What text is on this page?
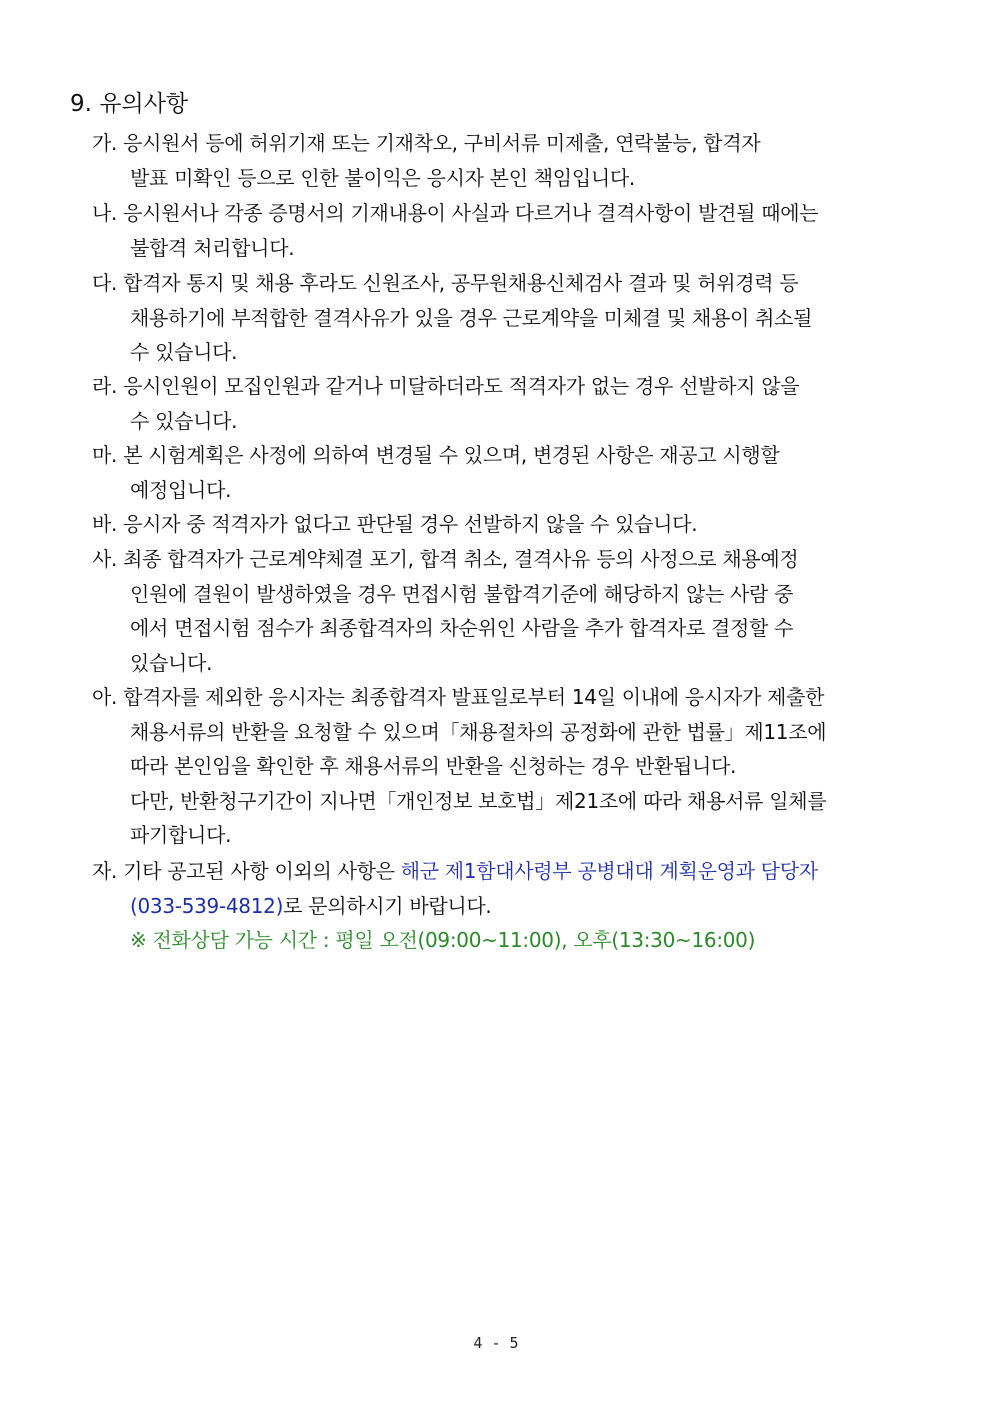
9. 유의사항
가. 응시원서 등에 허위기재 또는 기재착오, 구비서류 미제출, 연락불능, 합격자
발표 미확인 등으로 인한 불이익은 응시자 본인 책임입니다.
나. 응시원서나 각종 증명서의 기재내용이 사실과 다르거나 결격사항이 발견될 때에는
불합격 처리합니다.
다. 합격자 통지 및 채용 후라도 신원조사, 공무원채용신체검사 결과 및 허위경력 등
채용하기에 부적합한 결격사유가 있을 경우 근로계약을 미체결 및 채용이 취소될
수 있습니다.
라. 응시인원이 모집인원과 같거나 미달하더라도 적격자가 없는 경우 선발하지 않을
수 있습니다.
마. 본 시험계획은 사정에 의하여 변경될 수 있으며, 변경된 사항은 재공고 시행할
예정입니다.
바. 응시자 중 적격자가 없다고 판단될 경우 선발하지 않을 수 있습니다.
사. 최종 합격자가 근로계약체결 포기, 합격 취소, 결격사유 등의 사정으로 채용예정
인원에 결원이 발생하였을 경우 면접시험 불합격기준에 해당하지 않는 사람 중
에서 면접시험 점수가 최종합격자의 차순위인 사람을 추가 합격자로 결정할 수
있습니다.
아. 합격자를 제외한 응시자는 최종합격자 발표일로부터 14일 이내에 응시자가 제출한
채용서류의 반환을 요청할 수 있으며「채용절차의 공정화에 관한 법률」제11조에
따라 본인임을 확인한 후 채용서류의 반환을 신청하는 경우 반환됩니다.
다만, 반환청구기간이 지나면「개인정보 보호법」제21조에 따라 채용서류 일체를
파기합니다.
자. 기타 공고된 사항 이외의 사항은 해군 제1함대사령부 공병대대 계획운영과 담당자
(033-539-4812)로 문의하시기 바랍니다.
※ 전화상담 가능 시간 : 평일 오전(09:00~11:00), 오후(13:30~16:00)
4 - 5
